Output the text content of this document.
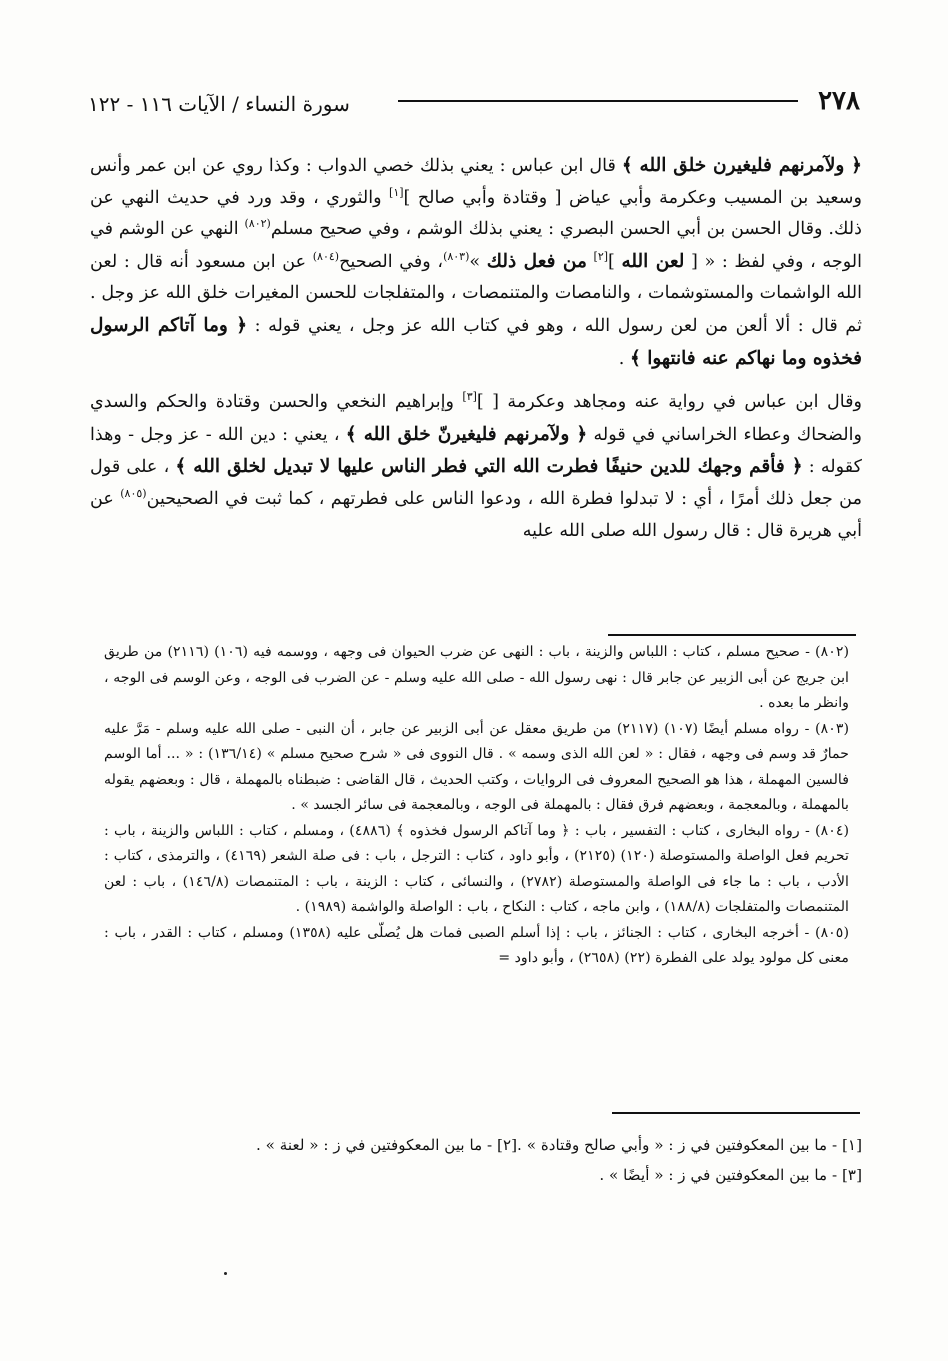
٢٧٨
سورة النساء / الآيات ١١٦ - ١٢٢

﴿ ولآمرنهم فليغيرن خلق الله ﴾ قال ابن عباس : يعني بذلك خصي الدواب : وكذا روي عن ابن عمر وأنس وسعيد بن المسيب وعكرمة وأبي عياض [ وقتادة وأبي صالح ][١] والثوري ، وقد ورد في حديث النهي عن ذلك. وقال الحسن بن أبي الحسن البصري : يعني بذلك الوشم ، وفي صحيح مسلم$^{(٨٠٢)}$ النهي عن الوشم في الوجه ، وفي لفظ : « [ لعن الله ][٢] من فعل ذلك »$^{(٨٠٣)}$، وفي الصحيح$^{(٨٠٤)}$ عن ابن مسعود أنه قال : لعن الله الواشمات والمستوشمات ، والنامصات والمتنمصات ، والمتفلجات للحسن المغيرات خلق الله عز وجل . ثم قال : ألا ألعن من لعن رسول الله ، وهو في كتاب الله عز وجل ، يعني قوله : ﴿ وما آتاكم الرسول فخذوه وما نهاكم عنه فانتهوا ﴾ .

وقال ابن عباس في رواية عنه ومجاهد وعكرمة [ ][٣] وإبراهيم النخعي والحسن وقتادة والحكم والسدي والضحاك وعطاء الخراساني في قوله ﴿ ولآمرنهم فليغيرنّ خلق الله ﴾ ، يعني : دين الله - عز وجل - وهذا كقوله : ﴿ فأقم وجهك للدين حنيفًا فطرت الله التي فطر الناس عليها لا تبديل لخلق الله ﴾ ، على قول من جعل ذلك أمرًا ، أي : لا تبدلوا فطرة الله ، ودعوا الناس على فطرتهم ، كما ثبت في الصحيحين$^{(٨٠٥)}$ عن أبي هريرة قال : قال رسول الله صلى الله عليه

(٨٠٢) - صحيح مسلم ، كتاب : اللباس والزينة ، باب : النهى عن ضرب الحيوان فى وجهه ، ووسمه فيه (١٠٦) (٢١١٦) من طريق ابن جريج عن أبى الزبير عن جابر قال : نهى رسول الله - صلى الله عليه وسلم - عن الضرب فى الوجه ، وعن الوسم فى الوجه ، وانظر ما بعده .

(٨٠٣) - رواه مسلم أيضًا (١٠٧) (٢١١٧) من طريق معقل عن أبى الزبير عن جابر ، أن النبى - صلى الله عليه وسلم - مَرَّ عليه حمارٌ قد وسم فى وجهه ، فقال : « لعن الله الذى وسمه » . قال النووى فى « شرح صحيح مسلم » (١٣٦/١٤) : « ... أما الوسم فالسين المهملة ، هذا هو الصحيح المعروف فى الروايات ، وكتب الحديث ، قال القاضى : ضبطناه بالمهملة ، قال : وبعضهم يقوله بالمهملة ، وبالمعجمة ، وبعضهم فرق فقال : بالمهملة فى الوجه ، وبالمعجمة فى سائر الجسد » .

(٨٠٤) - رواه البخارى ، كتاب : التفسير ، باب : ﴿ وما آتاكم الرسول فخذوه ﴾ (٤٨٨٦) ، ومسلم ، كتاب : اللباس والزينة ، باب : تحريم فعل الواصلة والمستوصلة (١٢٠) (٢١٢٥) ، وأبو داود ، كتاب : الترجل ، باب : فى صلة الشعر (٤١٦٩) ، والترمذى ، كتاب : الأدب ، باب : ما جاء فى الواصلة والمستوصلة (٢٧٨٢) ، والنسائى ، كتاب : الزينة ، باب : المتنمصات (١٤٦/٨) ، باب : لعن المتنمصات والمتفلجات (١٨٨/٨) ، وابن ماجه ، كتاب : النكاح ، باب : الواصلة والواشمة (١٩٨٩) .

(٨٠٥) - أخرجه البخارى ، كتاب : الجنائز ، باب : إذا أسلم الصبى فمات هل يُصلّى عليه (١٣٥٨) ومسلم ، كتاب : القدر ، باب : معنى كل مولود يولد على الفطرة (٢٢) (٢٦٥٨) ، وأبو داود =

[١] - ما بين المعكوفتين في ز : « وأبي صالح وقتادة » .[٢] - ما بين المعكوفتين في ز : « لعنة » .

[٣] - ما بين المعكوفتين في ز : « أيضًا » .
